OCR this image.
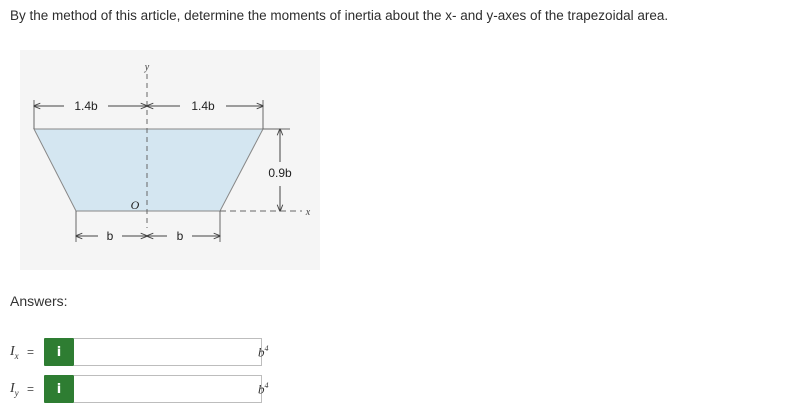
By the method of this article, determine the moments of inertia about the x- and y-axes of the trapezoidal area.
1.4b	1.4b
0.9b
b	b
O
y
x
Answers:
$I_x$ =	i	$b^4$
$I_y$ =	i	$b^4$
